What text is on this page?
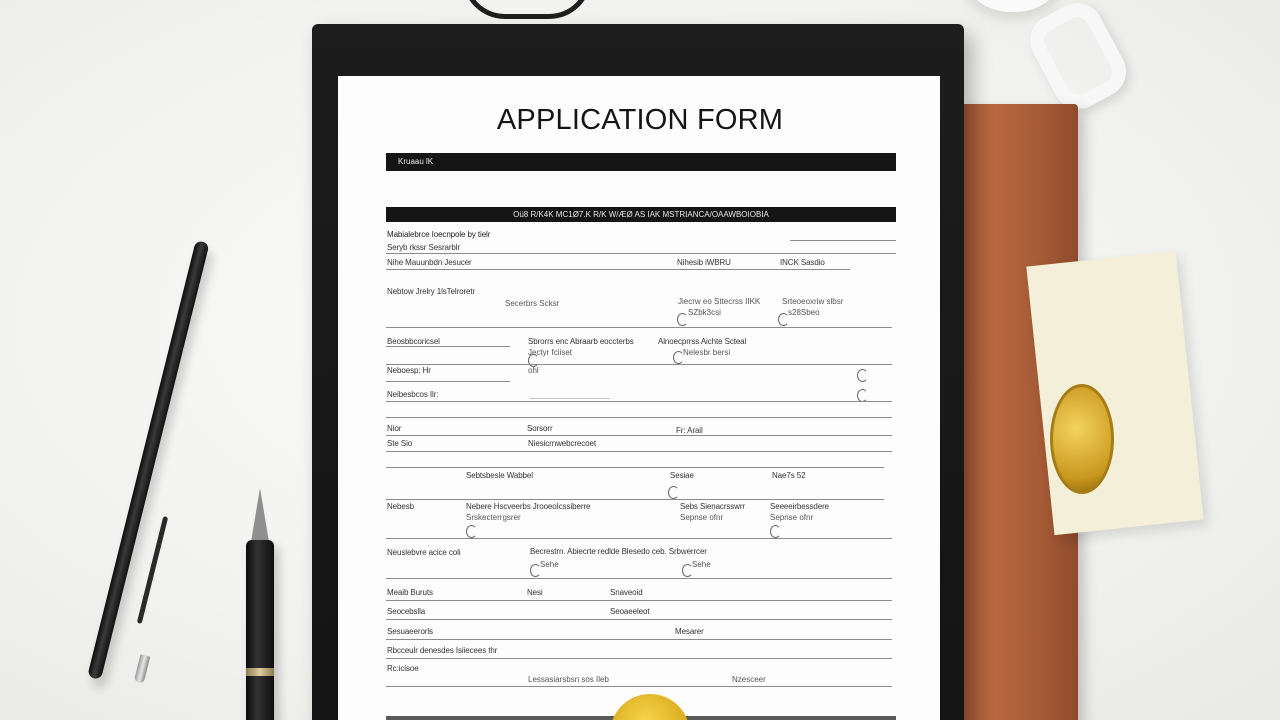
APPLICATION FORM
Kruaau lK
Oü8 R/K4K MC1Ø7.K R/K W/ÆØ AS IAK MSTRIANCA/OAAWBOIOBIA
Mabialebrce Ioecnpole by tielr
Seryb rkssr Sesrarblr
Nihe Mauunbdn Jesucer	Nihesib iWBRU	INCK Sasdio
Nebtow Jrelry 1lsTelroretr
Secerbrs Scksr	Jiecrw eo Sttecrss IIKK	Srteoeoxriw slbsr
SZbk3csi	s28Sbeo
Beosbbcoricsel	Sbrorrs enc Abraarb eoccterbs	Alnoecprrss Aichte Scteal
Jectyr fciiset	Nelesbr bersi
Neboesp: Hr	ohl
Neibesbcos Ilr:
Nior	Sorsorr	Fr: Arail
Ste Sio	Niesicrnwebcrecoet
Sebtsbesle Wabbel	Sesiae	Nae7s 52
Nebesb	Nebere Hscveerbs JrooeoIcssiberre	Sebs Sienacrsswrr	Seeeeirbessdere
Srskecterrgsrer	Sepnse ofnr	Sepnse ofnr
Neuslebvre acice coli	Becrestrn. Abiecrte redlde Blesedo ceb. Srbwerrcer
Sehe	Sehe
Meaib Buruts	Nesi	Snaveoid
Seocebslla	Seoaeeleot
Sesuaeerorls	Mesarer
Rbcceulr denesdes Isiiecees thr
Rc:icisoe
Lessasiarsbsn sos Ileb	Nzesceer
